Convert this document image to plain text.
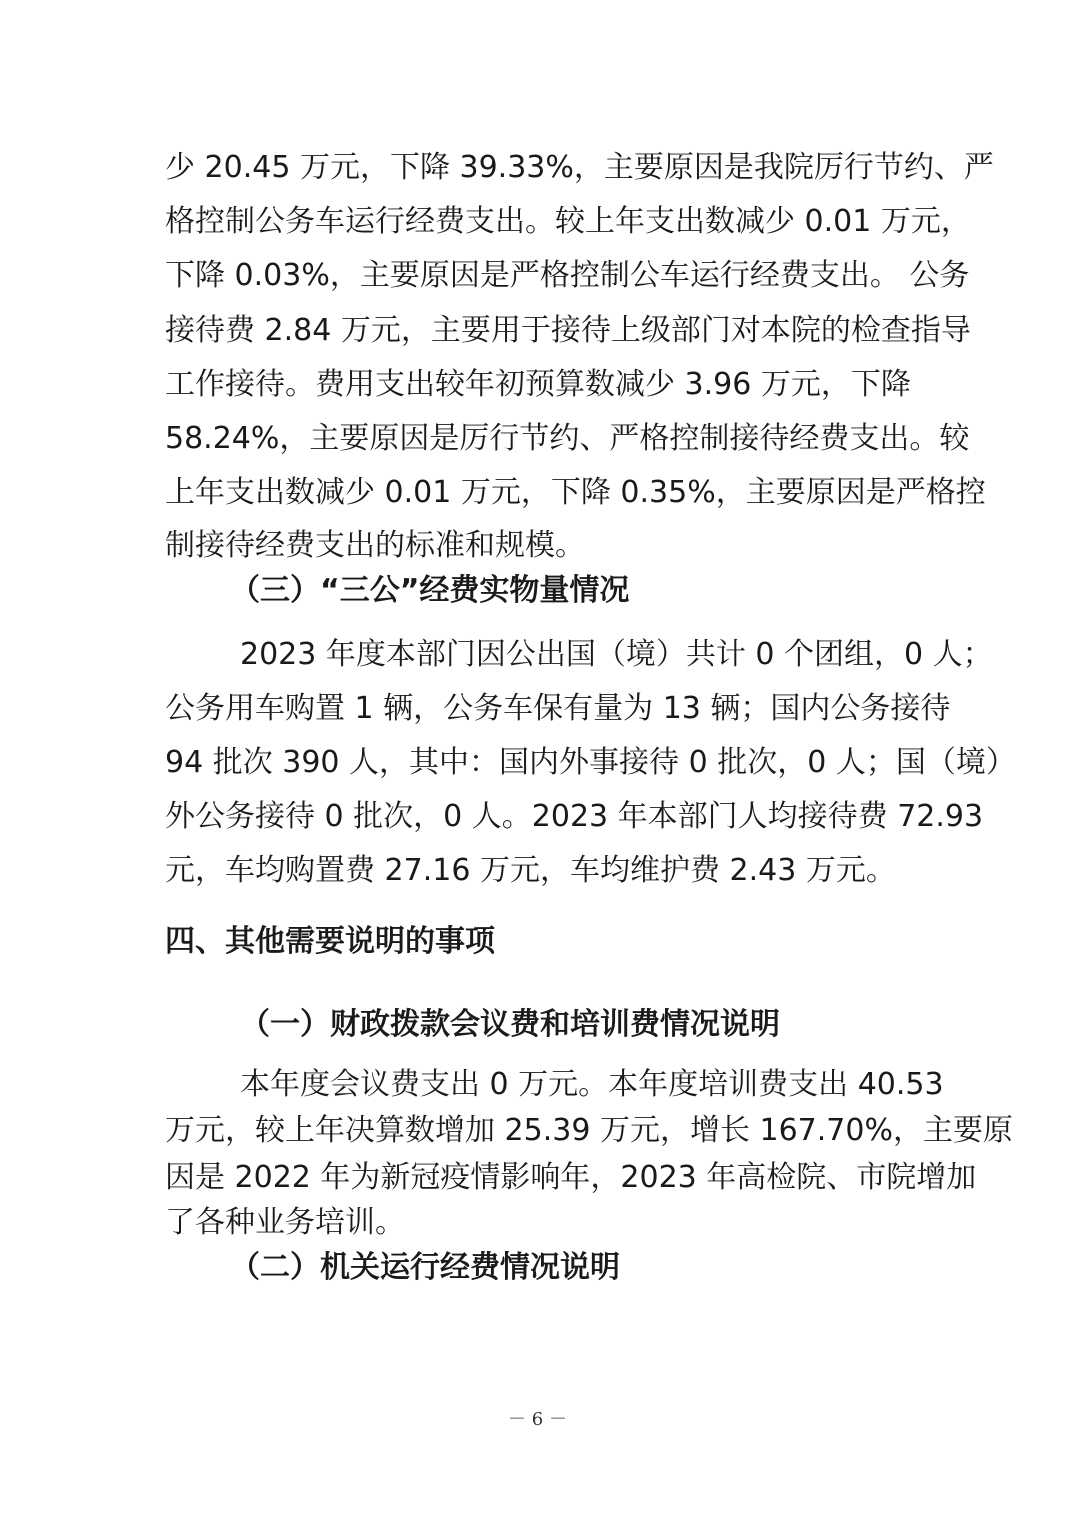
少 20.45 万元，下降 39.33%，主要原因是我院厉行节约、严
格控制公务车运行经费支出。较上年支出数减少 0.01 万元，
下降 0.03%，主要原因是严格控制公车运行经费支出。 公务
接待费 2.84 万元，主要用于接待上级部门对本院的检查指导
工作接待。费用支出较年初预算数减少 3.96 万元，下降
58.24%，主要原因是厉行节约、严格控制接待经费支出。较
上年支出数减少 0.01 万元，下降 0.35%，主要原因是严格控
制接待经费支出的标准和规模。
（三）“三公”经费实物量情况
2023 年度本部门因公出国（境）共计 0 个团组，0 人；
公务用车购置 1 辆，公务车保有量为 13 辆；国内公务接待
94 批次 390 人，其中：国内外事接待 0 批次，0 人；国（境）
外公务接待 0 批次，0 人。2023 年本部门人均接待费 72.93
元，车均购置费 27.16 万元，车均维护费 2.43 万元。
四、其他需要说明的事项
（一）财政拨款会议费和培训费情况说明
本年度会议费支出 0 万元。本年度培训费支出 40.53
万元，较上年决算数增加 25.39 万元，增长 167.70%，主要原
因是 2022 年为新冠疫情影响年，2023 年高检院、市院增加
了各种业务培训。
（二）机关运行经费情况说明
－ 6 －
